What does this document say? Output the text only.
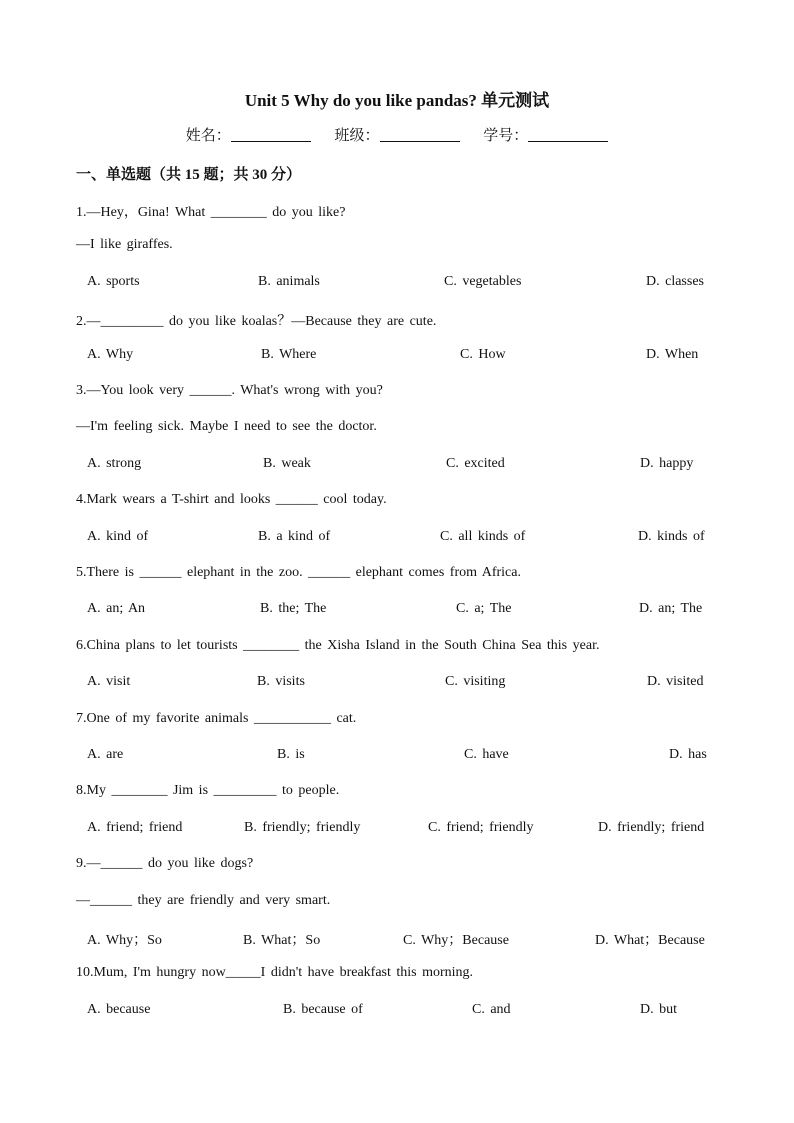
Unit 5 Why do you like pandas? 单元测试
姓名：	班级：	学号：
一、单选题（共 15 题；共 30 分）
1.—Hey，Gina! What ________ do you like?
—I like giraffes.
A. sports	B. animals	C. vegetables	D. classes
2.—_________ do you like koalas？—Because they are cute.
A. Why	B. Where	C. How	D. When
3.—You look very ______. What's wrong with you?
—I'm feeling sick. Maybe I need to see the doctor.
A. strong	B. weak	C. excited	D. happy
4.Mark wears a T-shirt and looks ______ cool today.
A. kind of	B. a kind of	C. all kinds of	D. kinds of
5.There is ______ elephant in the zoo. ______ elephant comes from Africa.
A. an; An	B. the; The	C. a; The	D. an; The
6.China plans to let tourists ________ the Xisha Island in the South China Sea this year.
A. visit	B. visits	C. visiting	D. visited
7.One of my favorite animals ___________ cat.
A. are	B. is	C. have	D. has
8.My ________ Jim is _________ to people.
A. friend; friend	B. friendly; friendly	C. friend; friendly	D. friendly; friend
9.—______ do you like dogs?
—______ they are friendly and very smart.
A. Why；So	B. What；So	C. Why；Because	D. What；Because
10.Mum, I'm hungry now_____I didn't have breakfast this morning.
A. because	B. because of	C. and	D. but
